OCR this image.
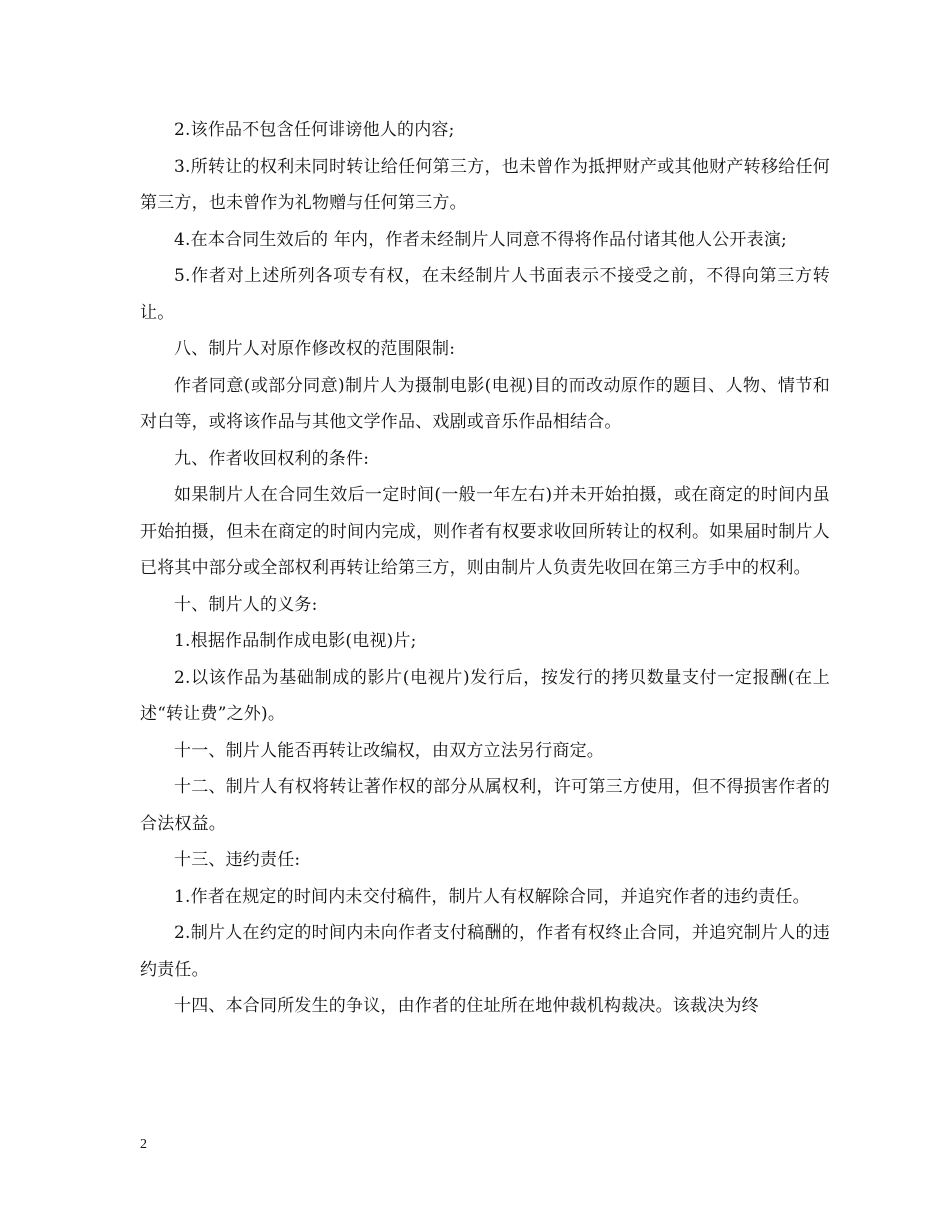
2.该作品不包含任何诽谤他人的内容;

3.所转让的权利未同时转让给任何第三方，也未曾作为抵押财产或其他财产转移给任何第三方，也未曾作为礼物赠与任何第三方。

4.在本合同生效后的 年内，作者未经制片人同意不得将作品付诸其他人公开表演;

5.作者对上述所列各项专有权，在未经制片人书面表示不接受之前，不得向第三方转让。

八、制片人对原作修改权的范围限制:

作者同意(或部分同意)制片人为摄制电影(电视)目的而改动原作的题目、人物、情节和对白等，或将该作品与其他文学作品、戏剧或音乐作品相结合。

九、作者收回权利的条件:

如果制片人在合同生效后一定时间(一般一年左右)并未开始拍摄，或在商定的时间内虽开始拍摄，但未在商定的时间内完成，则作者有权要求收回所转让的权利。如果届时制片人已将其中部分或全部权利再转让给第三方，则由制片人负责先收回在第三方手中的权利。

十、制片人的义务:

1.根据作品制作成电影(电视)片;

2.以该作品为基础制成的影片(电视片)发行后，按发行的拷贝数量支付一定报酬(在上述“转让费”之外)。

十一、制片人能否再转让改编权，由双方立法另行商定。

十二、制片人有权将转让著作权的部分从属权利，许可第三方使用，但不得损害作者的合法权益。

十三、违约责任:

1.作者在规定的时间内未交付稿件，制片人有权解除合同，并追究作者的违约责任。

2.制片人在约定的时间内未向作者支付稿酬的，作者有权终止合同，并追究制片人的违约责任。

十四、本合同所发生的争议，由作者的住址所在地仲裁机构裁决。该裁决为终

2
